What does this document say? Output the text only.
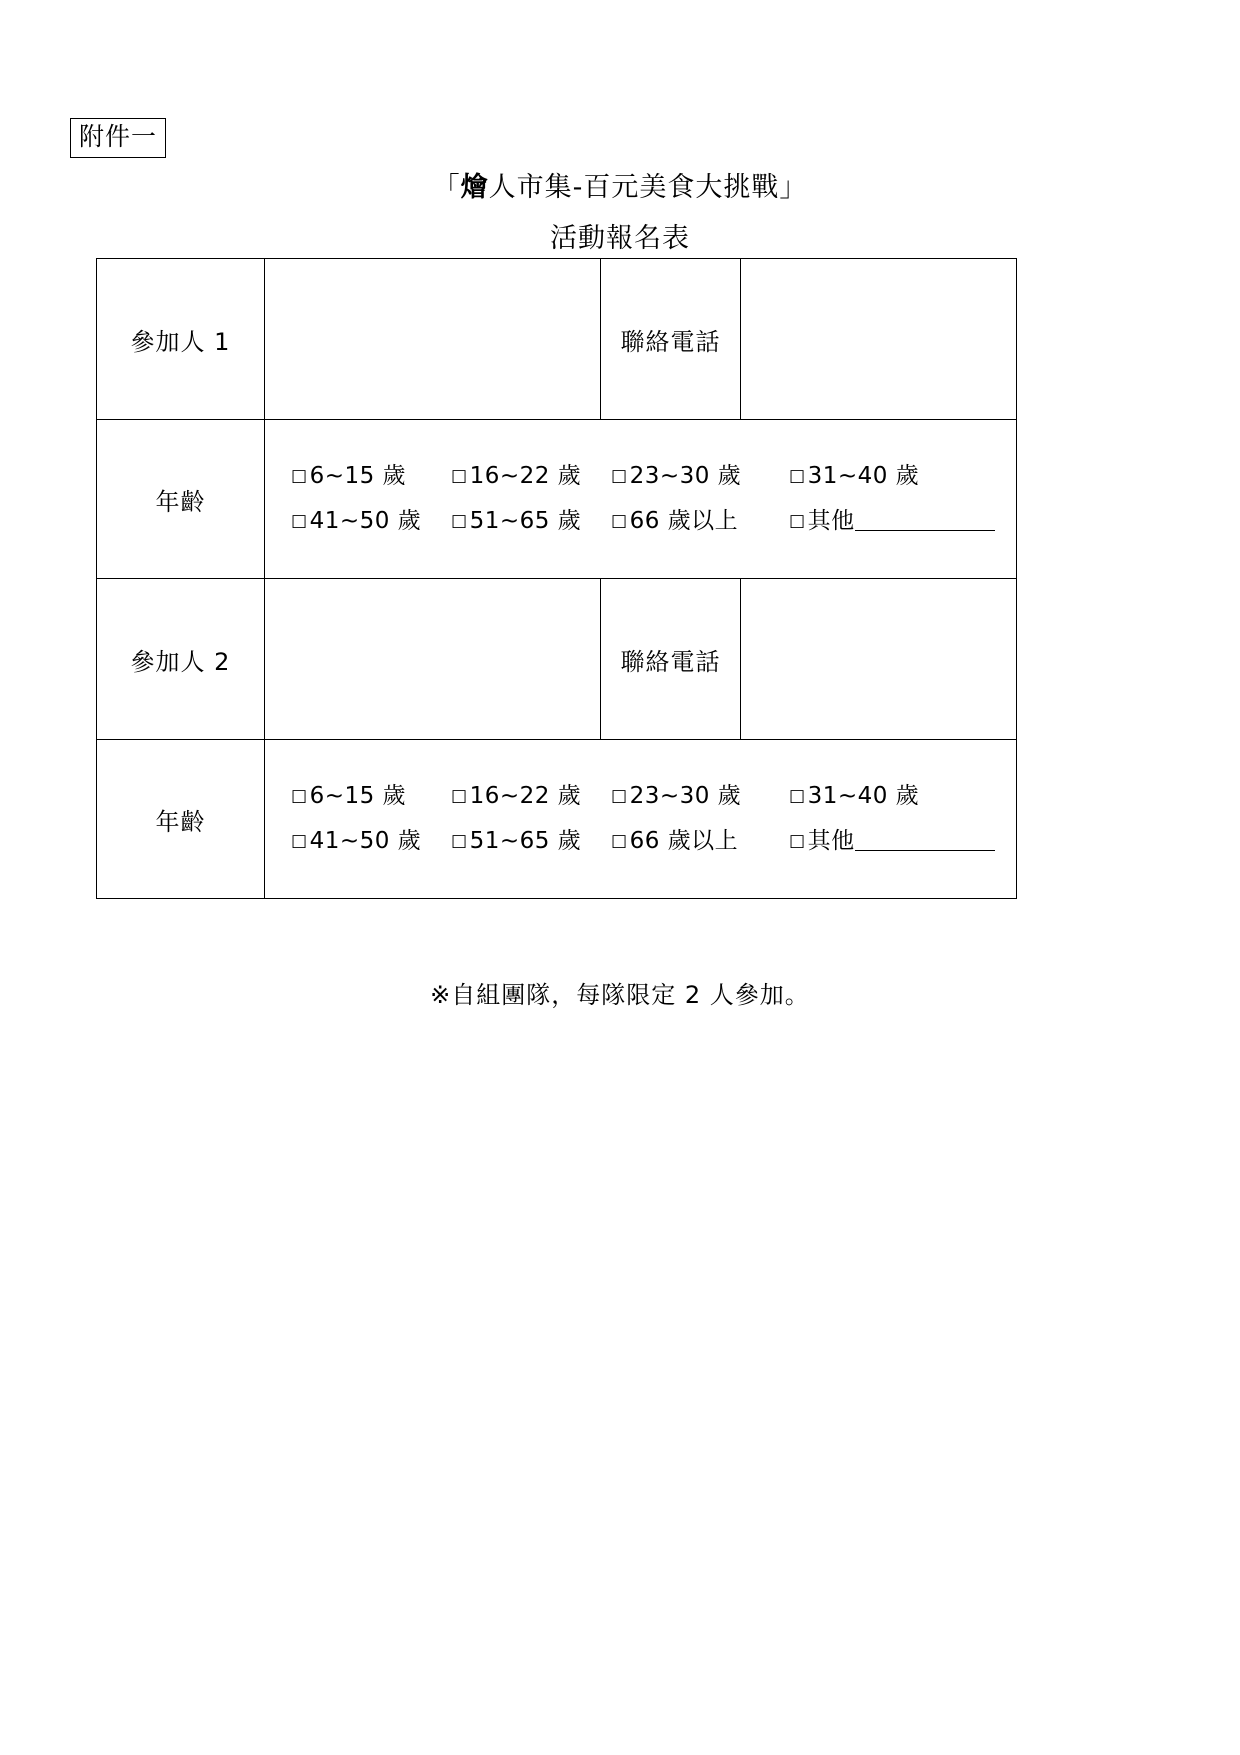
附件一
「燴人市集-百元美食大挑戰」
活動報名表
參加人 1		聯絡電話	
年齡	
□6~15 歲	□16~22 歲	□23~30 歲	□31~40 歲
□41~50 歲	□51~65 歲	□66 歲以上	□其他

參加人 2		聯絡電話	
年齡	
□6~15 歲	□16~22 歲	□23~30 歲	□31~40 歲
□41~50 歲	□51~65 歲	□66 歲以上	□其他
※自組團隊，每隊限定 2 人參加。
